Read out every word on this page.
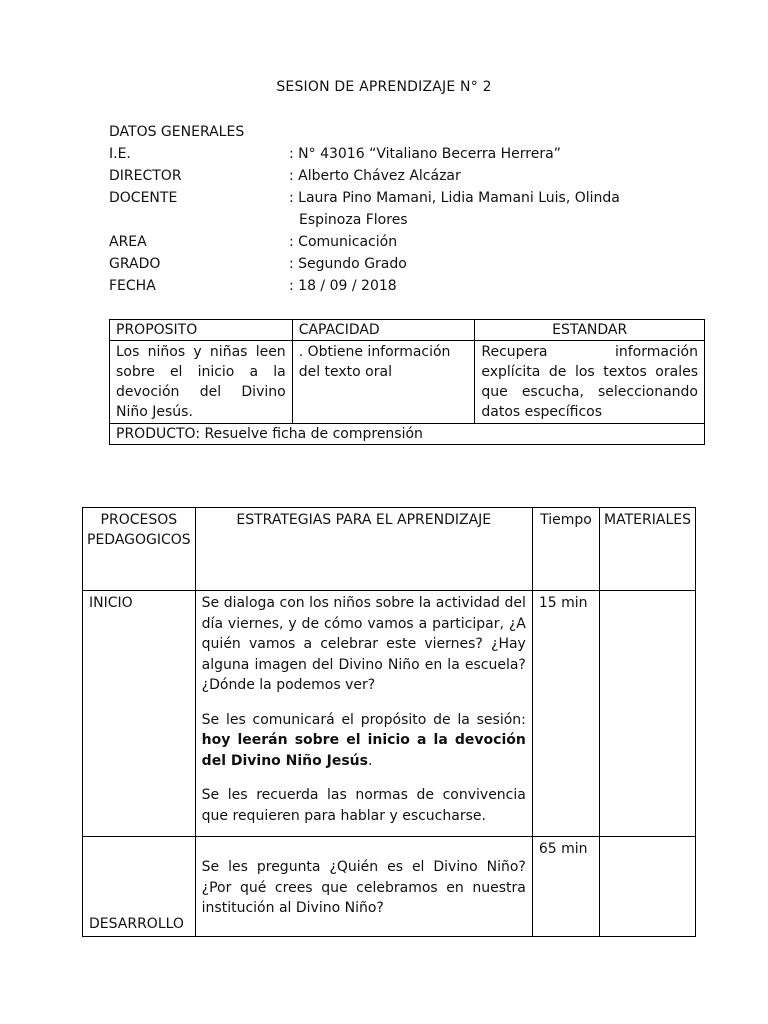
SESION DE APRENDIZAJE N° 2
DATOS GENERALES
I.E.	: N° 43016 “Vitaliano Becerra Herrera”
DIRECTOR	: Alberto Chávez Alcázar
DOCENTE	: Laura Pino Mamani, Lidia Mamani Luis, Olinda
Espinoza Flores
AREA	: Comunicación
GRADO	: Segundo Grado
FECHA	: 18 / 09 / 2018
PROPOSITO	CAPACIDAD	ESTANDAR
Los niños y niñas leen sobre el inicio a la devoción del Divino Niño Jesús.	. Obtiene información del texto oral	Recupera información explícita de los textos orales que escucha, seleccionando datos específicos
PRODUCTO: Resuelve ficha de comprensión		
PROCESOS PEDAGOGICOS	ESTRATEGIAS PARA EL APRENDIZAJE	Tiempo	MATERIALES
INICIO	Se dialoga con los niños sobre la actividad del día viernes, y de cómo vamos a participar, ¿A quién vamos a celebrar este viernes? ¿Hay alguna imagen del Divino Niño en la escuela? ¿Dónde la podemos ver?

Se les comunicará el propósito de la sesión: hoy leerán sobre el inicio a la devoción del Divino Niño Jesús.

Se les recuerda las normas de convivencia que requieren para hablar y escucharse.	15 min	
DESARROLLO	Se les pregunta ¿Quién es el Divino Niño? ¿Por qué crees que celebramos en nuestra institución al Divino Niño?	65 min	
